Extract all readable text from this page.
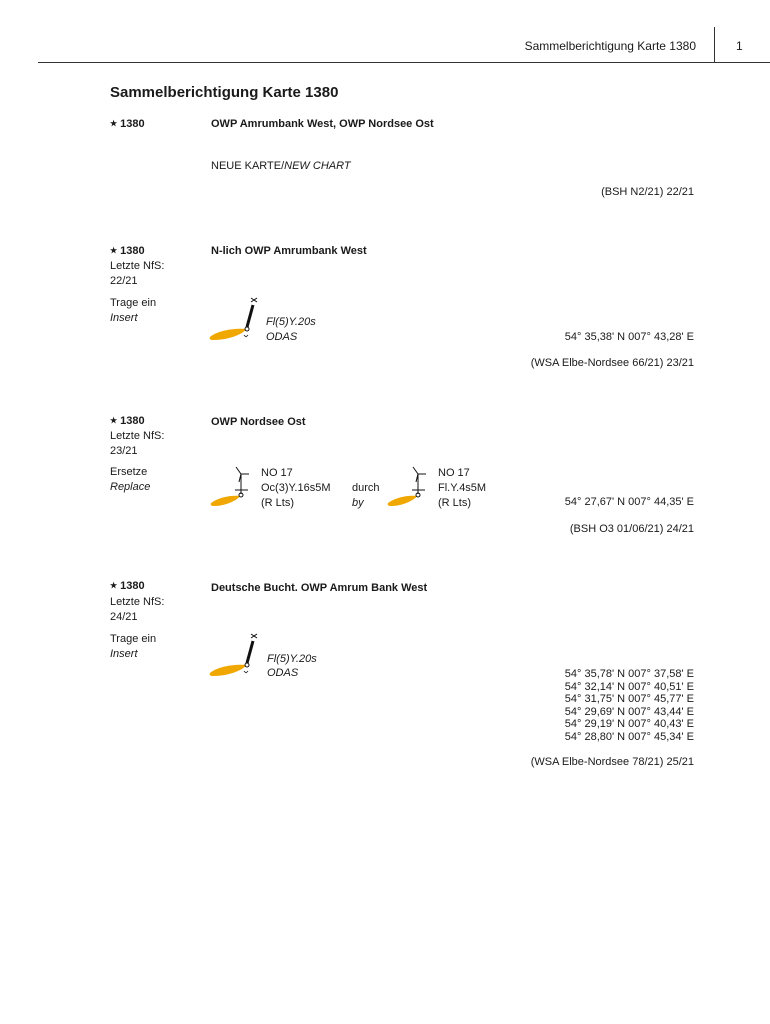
Sammelberichtigung Karte 1380	1
Sammelberichtigung Karte 1380
★ 1380	OWP Amrumbank West, OWP Nordsee Ost
NEUE KARTE/NEW CHART
(BSH N2/21) 22/21
★ 1380
Letzte NfS:
22/21
N-lich OWP Amrumbank West
Trage ein
Insert	Fl(5)Y.20s
ODAS	54° 35,38' N 007° 43,28' E
(WSA Elbe-Nordsee 66/21) 23/21
★ 1380
Letzte NfS:
23/21
OWP Nordsee Ost
Ersetze
Replace
NO 17
Oc(3)Y.16s5M
(R Lts)
durch
by
NO 17
Fl.Y.4s5M
(R Lts)	54° 27,67' N 007° 44,35' E
(BSH O3 01/06/21) 24/21
★ 1380
Letzte NfS:
24/21
Deutsche Bucht. OWP Amrum Bank West
Trage ein
Insert	Fl(5)Y.20s
ODAS	54° 35,78' N 007° 37,58' E
54° 32,14' N 007° 40,51' E
54° 31,75' N 007° 45,77' E
54° 29,69' N 007° 43,44' E
54° 29,19' N 007° 40,43' E
54° 28,80' N 007° 45,34' E
(WSA Elbe-Nordsee 78/21) 25/21
